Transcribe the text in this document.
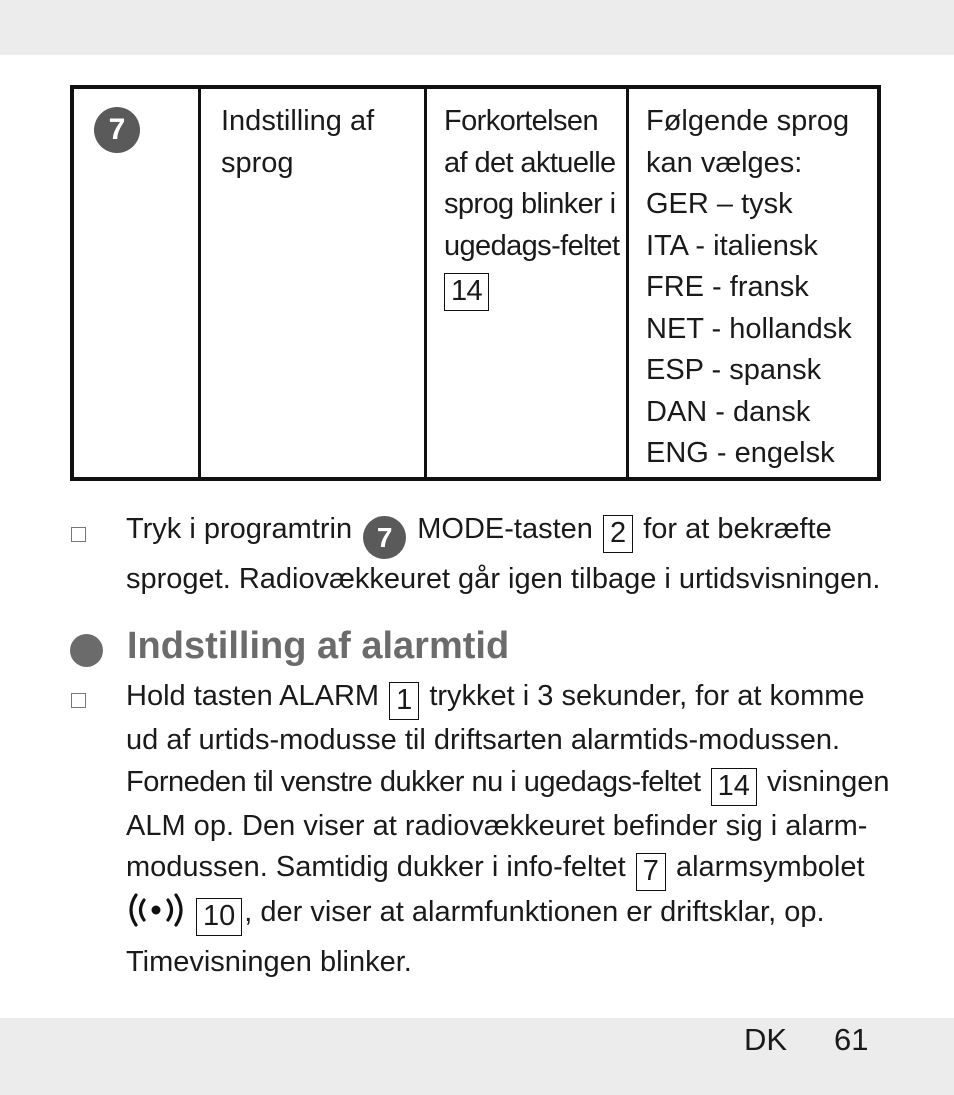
7	Indstilling af
sprog
Forkortelsen
af det aktuelle
sprog blinker i
ugedags-feltet
14
Følgende sprog
kan vælges:
GER – tysk
ITA - italiensk
FRE - fransk
NET - hollandsk
ESP - spansk
DAN - dansk
ENG - engelsk
Tryk i programtrin 7 MODE-tasten 2 for at bekræfte
sproget. Radiovækkeuret går igen tilbage i urtidsvisningen.
Indstilling af alarmtid
Hold tasten ALARM 1 trykket i 3 sekunder, for at komme
ud af urtids-modusse til driftsarten alarmtids-modussen.
Forneden til venstre dukker nu i ugedags-feltet 14 visningen
ALM op. Den viser at radiovækkeuret befinder sig i alarm-
modussen. Samtidig dukker i info-feltet 7 alarmsymbolet
10 , der viser at alarmfunktionen er driftsklar, op.
Timevisningen blinker.
DK 61
